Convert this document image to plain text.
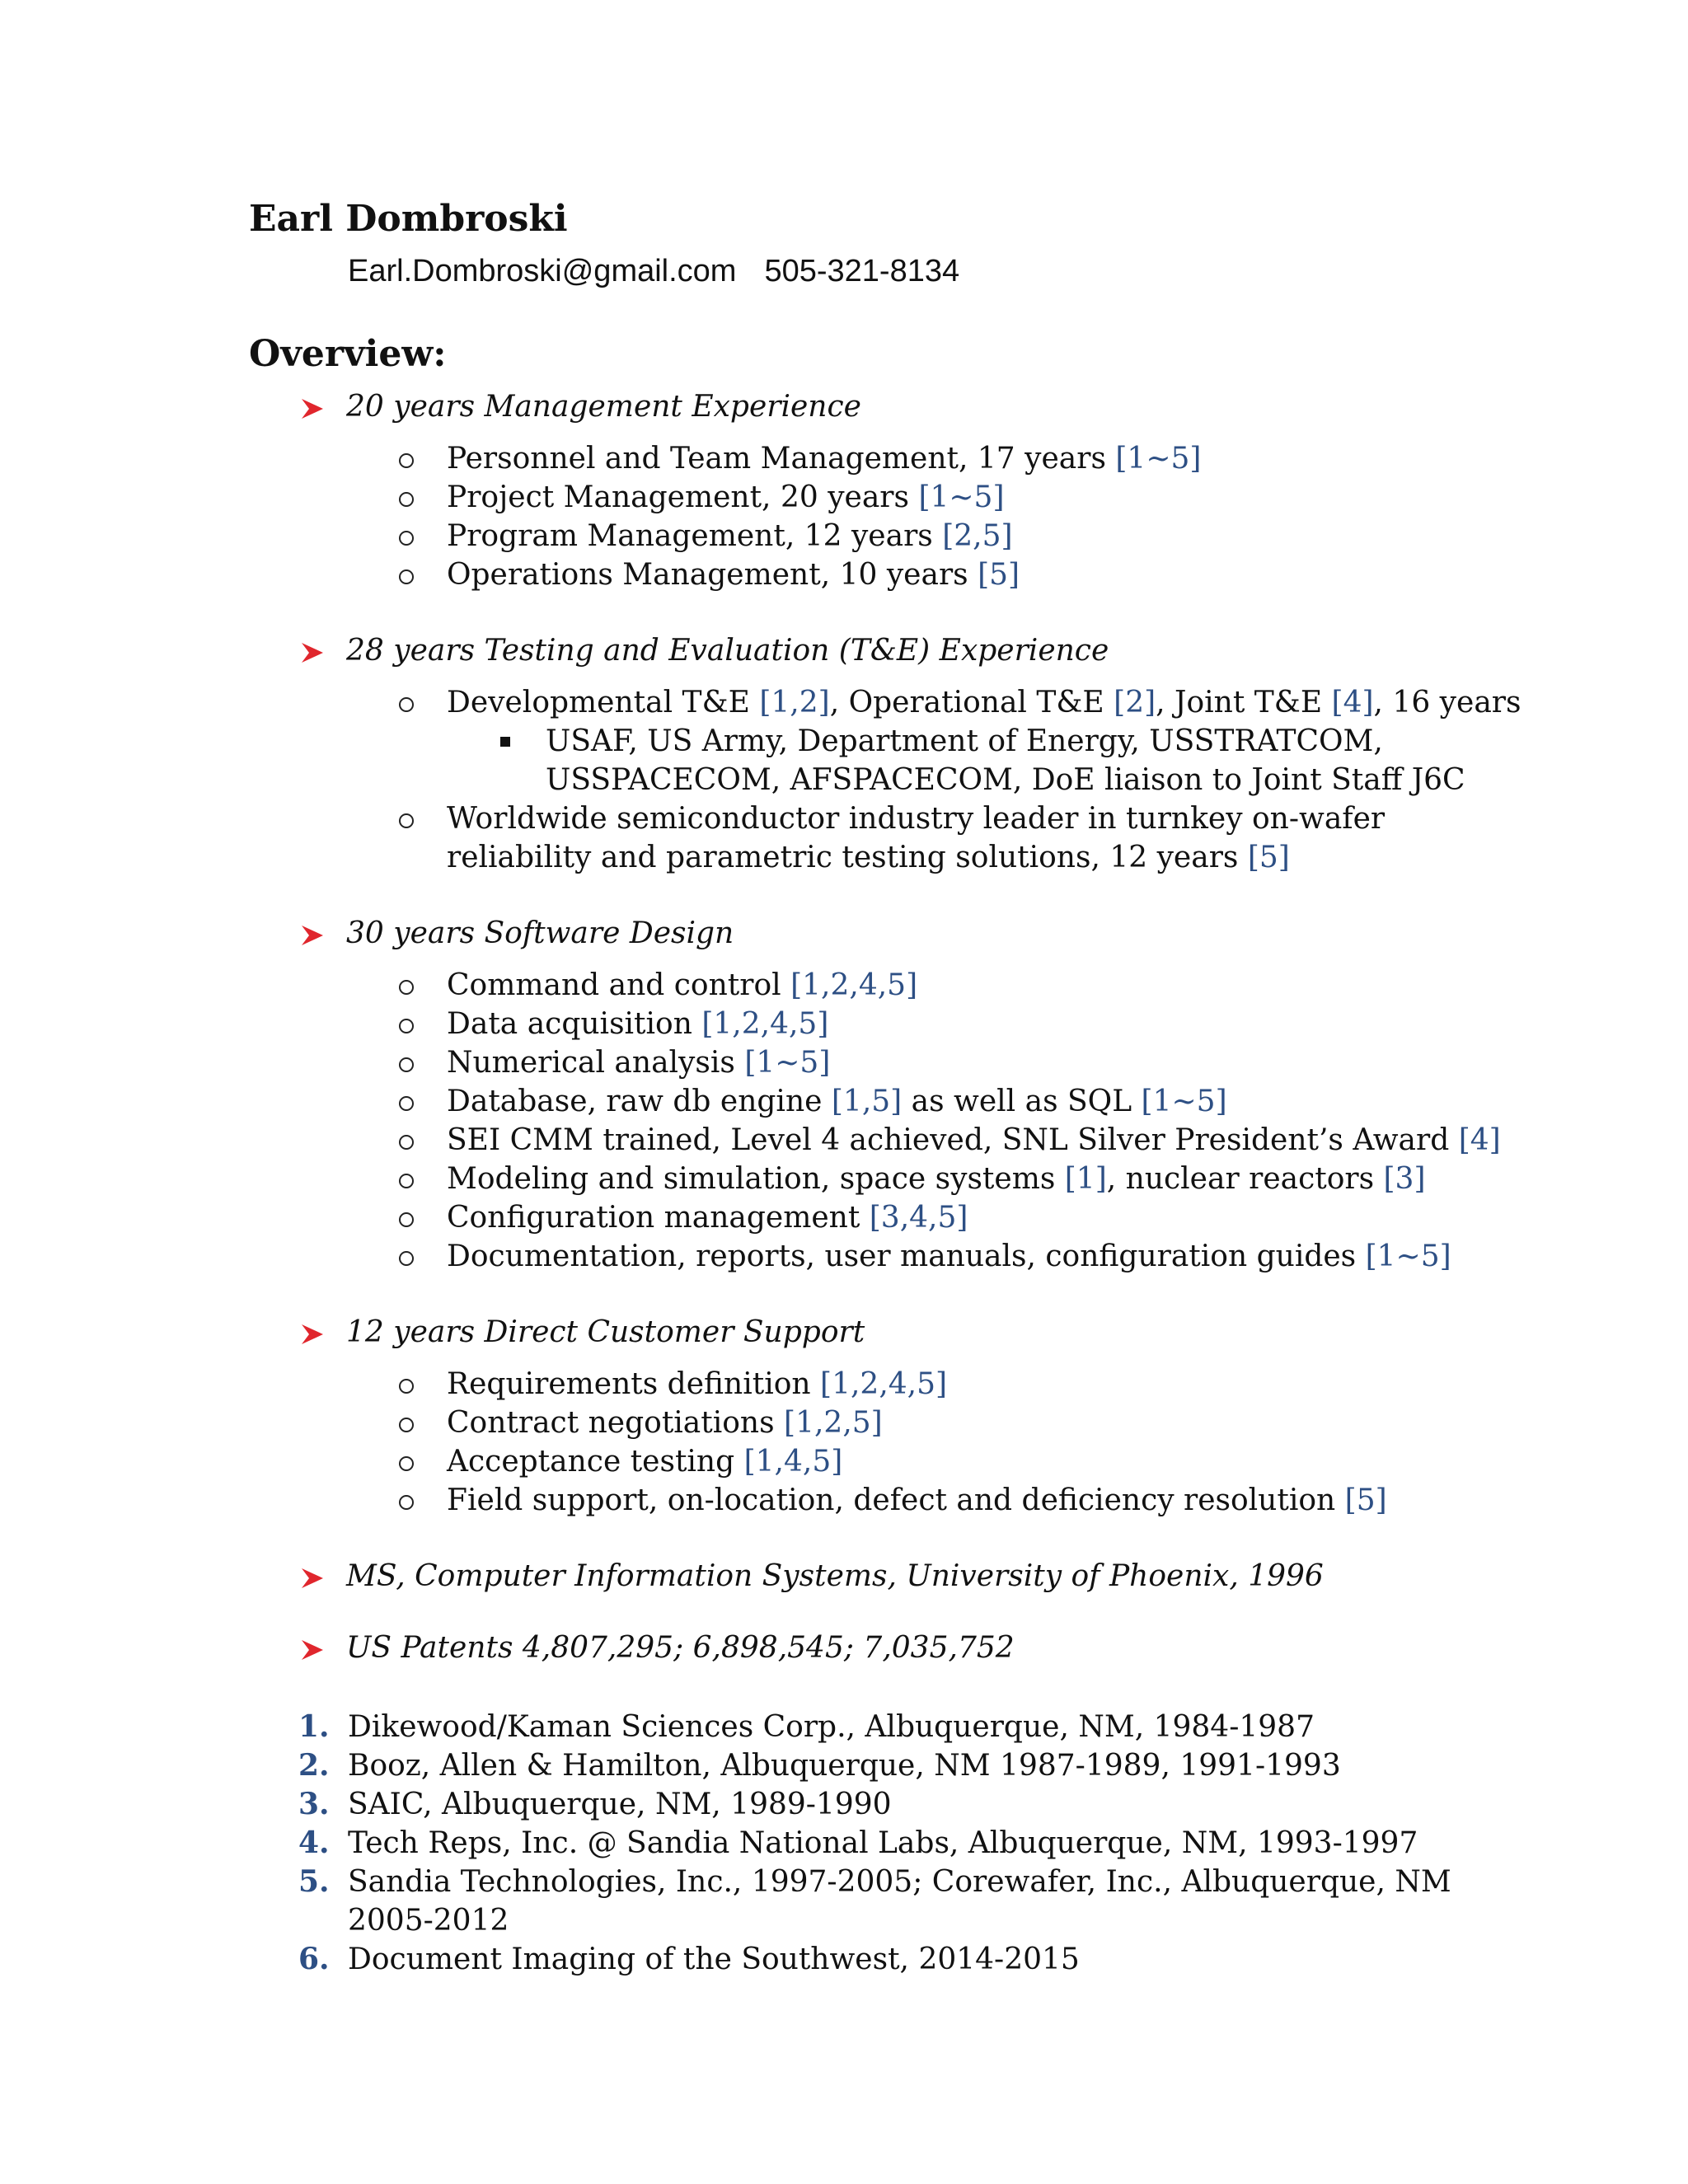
Earl Dombroski
Earl.Dombroski@gmail.com 505-321-8134
Overview:
20 years Management Experience
Personnel and Team Management, 17 years [1~5]
Project Management, 20 years [1~5]
Program Management, 12 years [2,5]
Operations Management, 10 years [5]
28 years Testing and Evaluation (T&E) Experience
Developmental T&E [1,2], Operational T&E [2], Joint T&E [4], 16 years
USAF, US Army, Department of Energy, USSTRATCOM,
USSPACECOM, AFSPACECOM, DoE liaison to Joint Staff J6C
Worldwide semiconductor industry leader in turnkey on-wafer
reliability and parametric testing solutions, 12 years [5]
30 years Software Design
Command and control [1,2,4,5]
Data acquisition [1,2,4,5]
Numerical analysis [1~5]
Database, raw db engine [1,5] as well as SQL [1~5]
SEI CMM trained, Level 4 achieved, SNL Silver President’s Award [4]
Modeling and simulation, space systems [1], nuclear reactors [3]
Configuration management [3,4,5]
Documentation, reports, user manuals, configuration guides [1~5]
12 years Direct Customer Support
Requirements definition [1,2,4,5]
Contract negotiations [1,2,5]
Acceptance testing [1,4,5]
Field support, on-location, defect and deficiency resolution [5]
MS, Computer Information Systems, University of Phoenix, 1996
US Patents 4,807,295; 6,898,545; 7,035,752
1. Dikewood/Kaman Sciences Corp., Albuquerque, NM, 1984-1987
2. Booz, Allen & Hamilton, Albuquerque, NM 1987-1989, 1991-1993
3. SAIC, Albuquerque, NM, 1989-1990
4. Tech Reps, Inc. @ Sandia National Labs, Albuquerque, NM, 1993-1997
5. Sandia Technologies, Inc., 1997-2005; Corewafer, Inc., Albuquerque, NM
2005-2012
6. Document Imaging of the Southwest, 2014-2015
